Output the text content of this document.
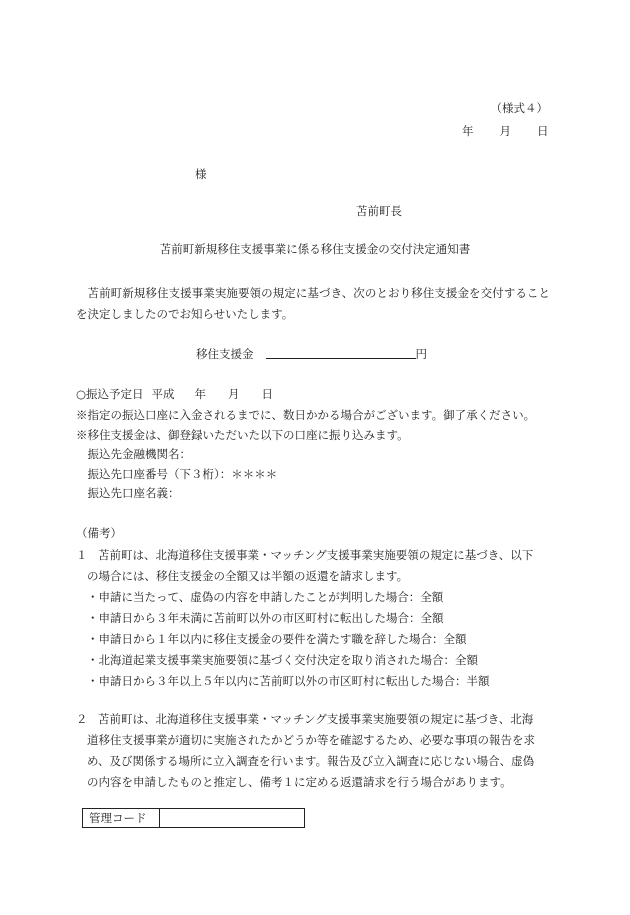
（様式４）
年 月 日
様
苫前町長
苫前町新規移住支援事業に係る移住支援金の交付決定通知書
苫前町新規移住支援事業実施要領の規定に基づき、次のとおり移住支援金を交付することを決定しましたのでお知らせいたします。
移住支援金	円
○振込予定日 平成 年 月 日
※指定の振込口座に入金されるまでに、数日かかる場合がございます。御了承ください。
※移住支援金は、御登録いただいた以下の口座に振り込みます。
振込先金融機関名：
振込先口座番号（下３桁）：＊＊＊＊
振込先口座名義：
（備考）
１ 苫前町は、北海道移住支援事業・マッチング支援事業実施要領の規定に基づき、以下
の場合には、移住支援金の全額又は半額の返還を請求します。
・申請に当たって、虚偽の内容を申請したことが判明した場合：全額
・申請日から３年未満に苫前町以外の市区町村に転出した場合：全額
・申請日から１年以内に移住支援金の要件を満たす職を辞した場合：全額
・北海道起業支援事業実施要領に基づく交付決定を取り消された場合：全額
・申請日から３年以上５年以内に苫前町以外の市区町村に転出した場合：半額
２ 苫前町は、北海道移住支援事業・マッチング支援事業実施要領の規定に基づき、北海
道移住支援事業が適切に実施されたかどうか等を確認するため、必要な事項の報告を求
め、及び関係する場所に立入調査を行います。報告及び立入調査に応じない場合、虚偽
の内容を申請したものと推定し、備考１に定める返還請求を行う場合があります。
管理コード	
